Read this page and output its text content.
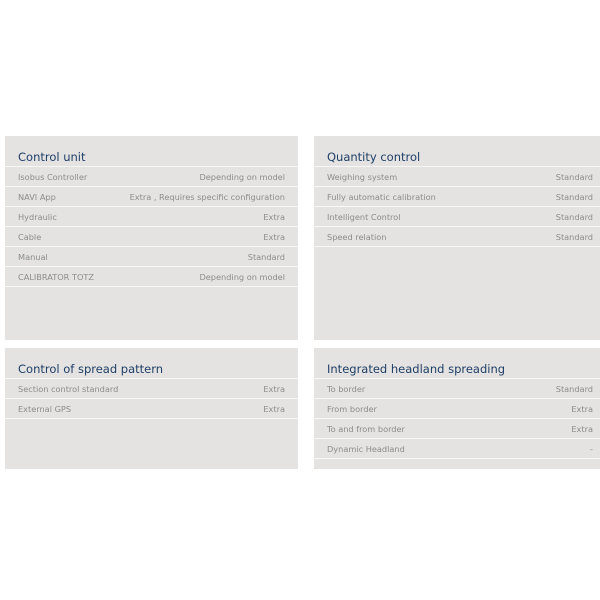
Control unit
Isobus Controller	Depending on model
NAVI App	Extra , Requires specific configuration
Hydraulic	Extra
Cable	Extra
Manual	Standard
CALIBRATOR TOTZ	Depending on model
Quantity control
Weighing system	Standard
Fully automatic calibration	Standard
Intelligent Control	Standard
Speed relation	Standard
Control of spread pattern
Section control standard	Extra
External GPS	Extra
Integrated headland spreading
To border	Standard
From border	Extra
To and from border	Extra
Dynamic Headland	-
